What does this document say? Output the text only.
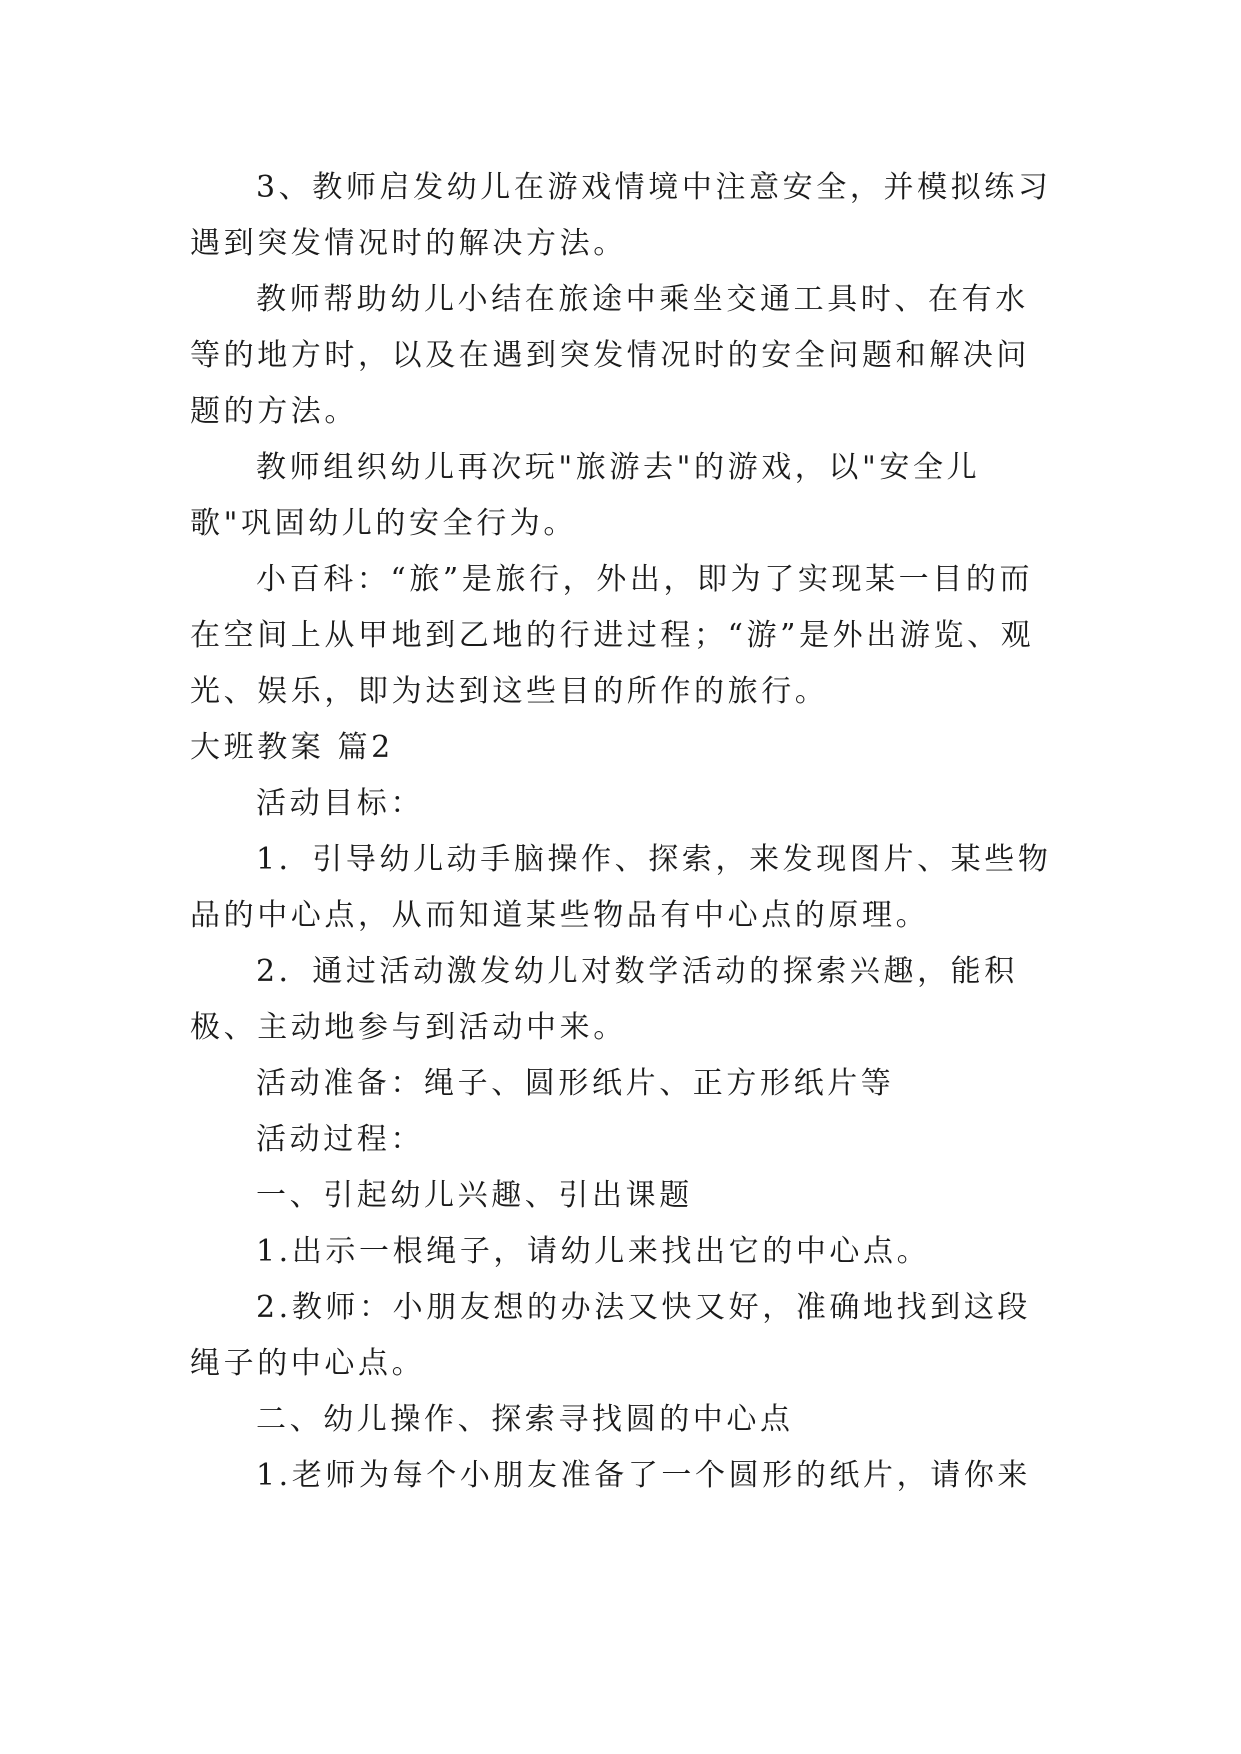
3、教师启发幼儿在游戏情境中注意安全，并模拟练习遇到突发情况时的解决方法。

教师帮助幼儿小结在旅途中乘坐交通工具时、在有水等的地方时，以及在遇到突发情况时的安全问题和解决问题的方法。

教师组织幼儿再次玩"旅游去"的游戏，以"安全儿歌"巩固幼儿的安全行为。

小百科：“旅”是旅行，外出，即为了实现某一目的而在空间上从甲地到乙地的行进过程；“游”是外出游览、观光、娱乐，即为达到这些目的所作的旅行。

大班教案 篇2

活动目标：

1．引导幼儿动手脑操作、探索，来发现图片、某些物品的中心点，从而知道某些物品有中心点的原理。

2．通过活动激发幼儿对数学活动的探索兴趣，能积极、主动地参与到活动中来。

活动准备：绳子、圆形纸片、正方形纸片等

活动过程：

一、引起幼儿兴趣、引出课题

1.出示一根绳子，请幼儿来找出它的中心点。

2.教师：小朋友想的办法又快又好，准确地找到这段绳子的中心点。

二、幼儿操作、探索寻找圆的中心点

1.老师为每个小朋友准备了一个圆形的纸片，请你来
